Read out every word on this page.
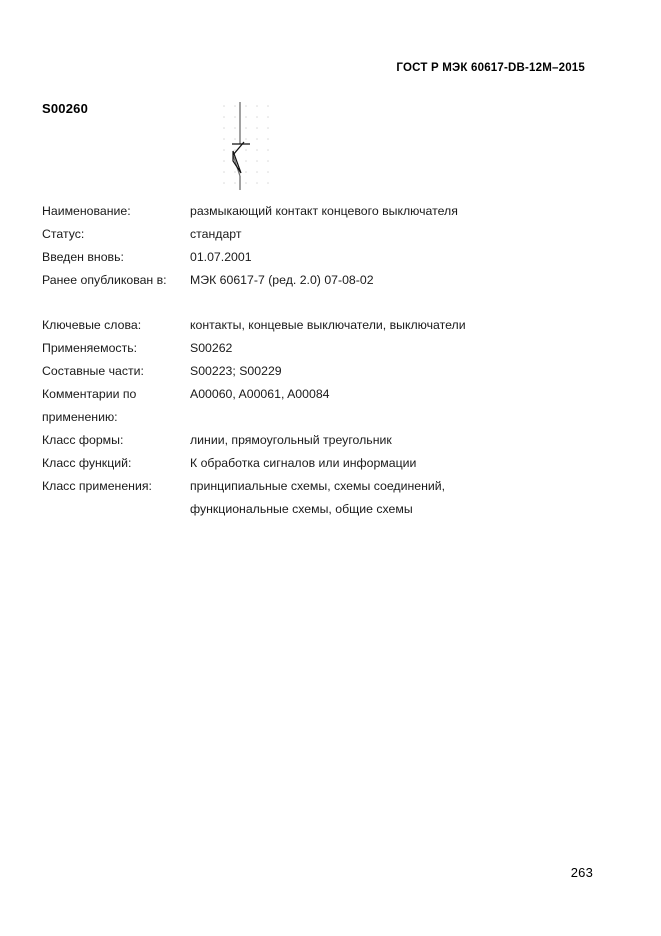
ГОСТ Р МЭК 60617-DB-12M–2015
S00260
Наименование:	размыкающий контакт концевого выключателя
Статус:	стандарт
Введен вновь:	01.07.2001
Ранее опубликован в:	МЭК 60617-7 (ред. 2.0) 07-08-02
Ключевые слова:	контакты, концевые выключатели, выключатели
Применяемость:	S00262
Составные части:	S00223; S00229
Комментарии по
применению:
A00060, A00061, A00084
Класс формы:	линии, прямоугольный треугольник
Класс функций:	К обработка сигналов или информации
Класс применения:	принципиальные схемы, схемы соединений,
функциональные схемы, общие схемы
263
